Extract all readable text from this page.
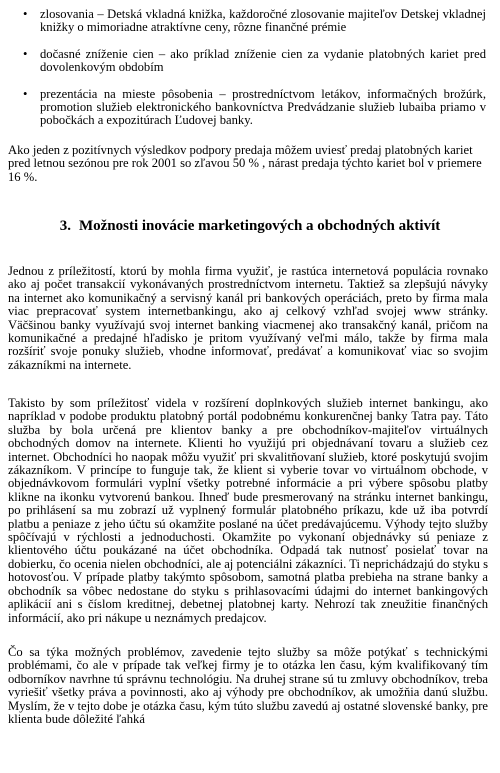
• zlosovania – Detská vkladná knižka, každoročné zlosovanie majiteľov Detskej vkladnej knižky o mimoriadne atraktívne ceny, rôzne finančné prémie
• dočasné zníženie cien – ako príklad zníženie cien za vydanie platobných kariet pred dovolenkovým obdobím
• prezentácia na mieste pôsobenia – prostredníctvom letákov, informačných brožúrk, promotion služieb elektronického bankovníctva Predvádzanie služieb lubaiba priamo v pobočkách a expozitúrach Ľudovej banky.

Ako jeden z pozitívnych výsledkov podpory predaja môžem uviesť predaj platobných kariet pred letnou sezónou pre rok 2001 so zľavou 50 % , nárast predaja týchto kariet bol v priemere 16 %.

3. Možnosti inovácie marketingových a obchodných aktivít

Jednou z príležitostí, ktorú by mohla firma využiť, je rastúca internetová populácia rovnako ako aj počet transakcií vykonávaných prostredníctvom internetu. Taktiež sa zlepšujú návyky na internet ako komunikačný a servisný kanál pri bankových operáciách, preto by firma mala viac prepracovať system internetbankingu, ako aj celkový vzhľad svojej www stránky. Väčšinou banky využívajú svoj internet banking viacmenej ako transakčný kanál, pričom na komunikačné a predajné hľadisko je pritom využívaný veľmi málo, takže by firma mala rozšíriť svoje ponuky služieb, vhodne informovať, predávať a komunikovať viac so svojim zákazníkmi na internete.

Takisto by som príležitosť videla v rozšírení doplnkových služieb internet bankingu, ako napríklad v podobe produktu platobný portál podobnému konkurenčnej banky Tatra pay. Táto služba by bola určená pre klientov banky a pre obchodníkov-majiteľov virtuálnych obchodných domov na internete. Klienti ho využijú pri objednávaní tovaru a služieb cez internet. Obchodníci ho naopak môžu využiť pri skvalitňovaní služieb, ktoré poskytujú svojim zákazníkom. V princípe to funguje tak, že klient si vyberie tovar vo virtuálnom obchode, v objednávkovom formulári vyplní všetky potrebné informácie a pri výbere spôsobu platby klikne na ikonku vytvorenú bankou. Ihneď bude presmerovaný na stránku internet bankingu, po prihlásení sa mu zobrazí už vyplnený formulár platobného príkazu, kde už iba potvrdí platbu a peniaze z jeho účtu sú okamžite poslané na účet predávajúcemu. Výhody tejto služby spôčívajú v rýchlosti a jednoduchosti. Okamžite po vykonaní objednávky sú peniaze z klientového účtu poukázané na účet obchodníka. Odpadá tak nutnosť posielať tovar na dobierku, čo ocenia nielen obchodníci, ale aj potenciálni zákazníci. Ti neprichádzajú do styku s hotovosťou. V prípade platby takýmto spôsobom, samotná platba prebieha na strane banky a obchodník sa vôbec nedostane do styku s prihlasovacími údajmi do internet bankingových aplikácií ani s číslom kreditnej, debetnej platobnej karty. Nehrozí tak zneužitie finančných informácií, ako pri nákupe u neznámych predajcov.

Čo sa týka možných problémov, zavedenie tejto služby sa môže potýkať s technickými problémami, čo ale v prípade tak veľkej firmy je to otázka len času, kým kvalifikovaný tím odborníkov navrhne tú správnu technológiu. Na druhej strane sú tu zmluvy obchodníkov, treba vyriešiť všetky práva a povinnosti, ako aj výhody pre obchodníkov, ak umožňia danú službu. Myslím, že v tejto dobe je otázka času, kým túto službu zavedú aj ostatné slovenské banky, pre klienta bude dôležité ľahká
